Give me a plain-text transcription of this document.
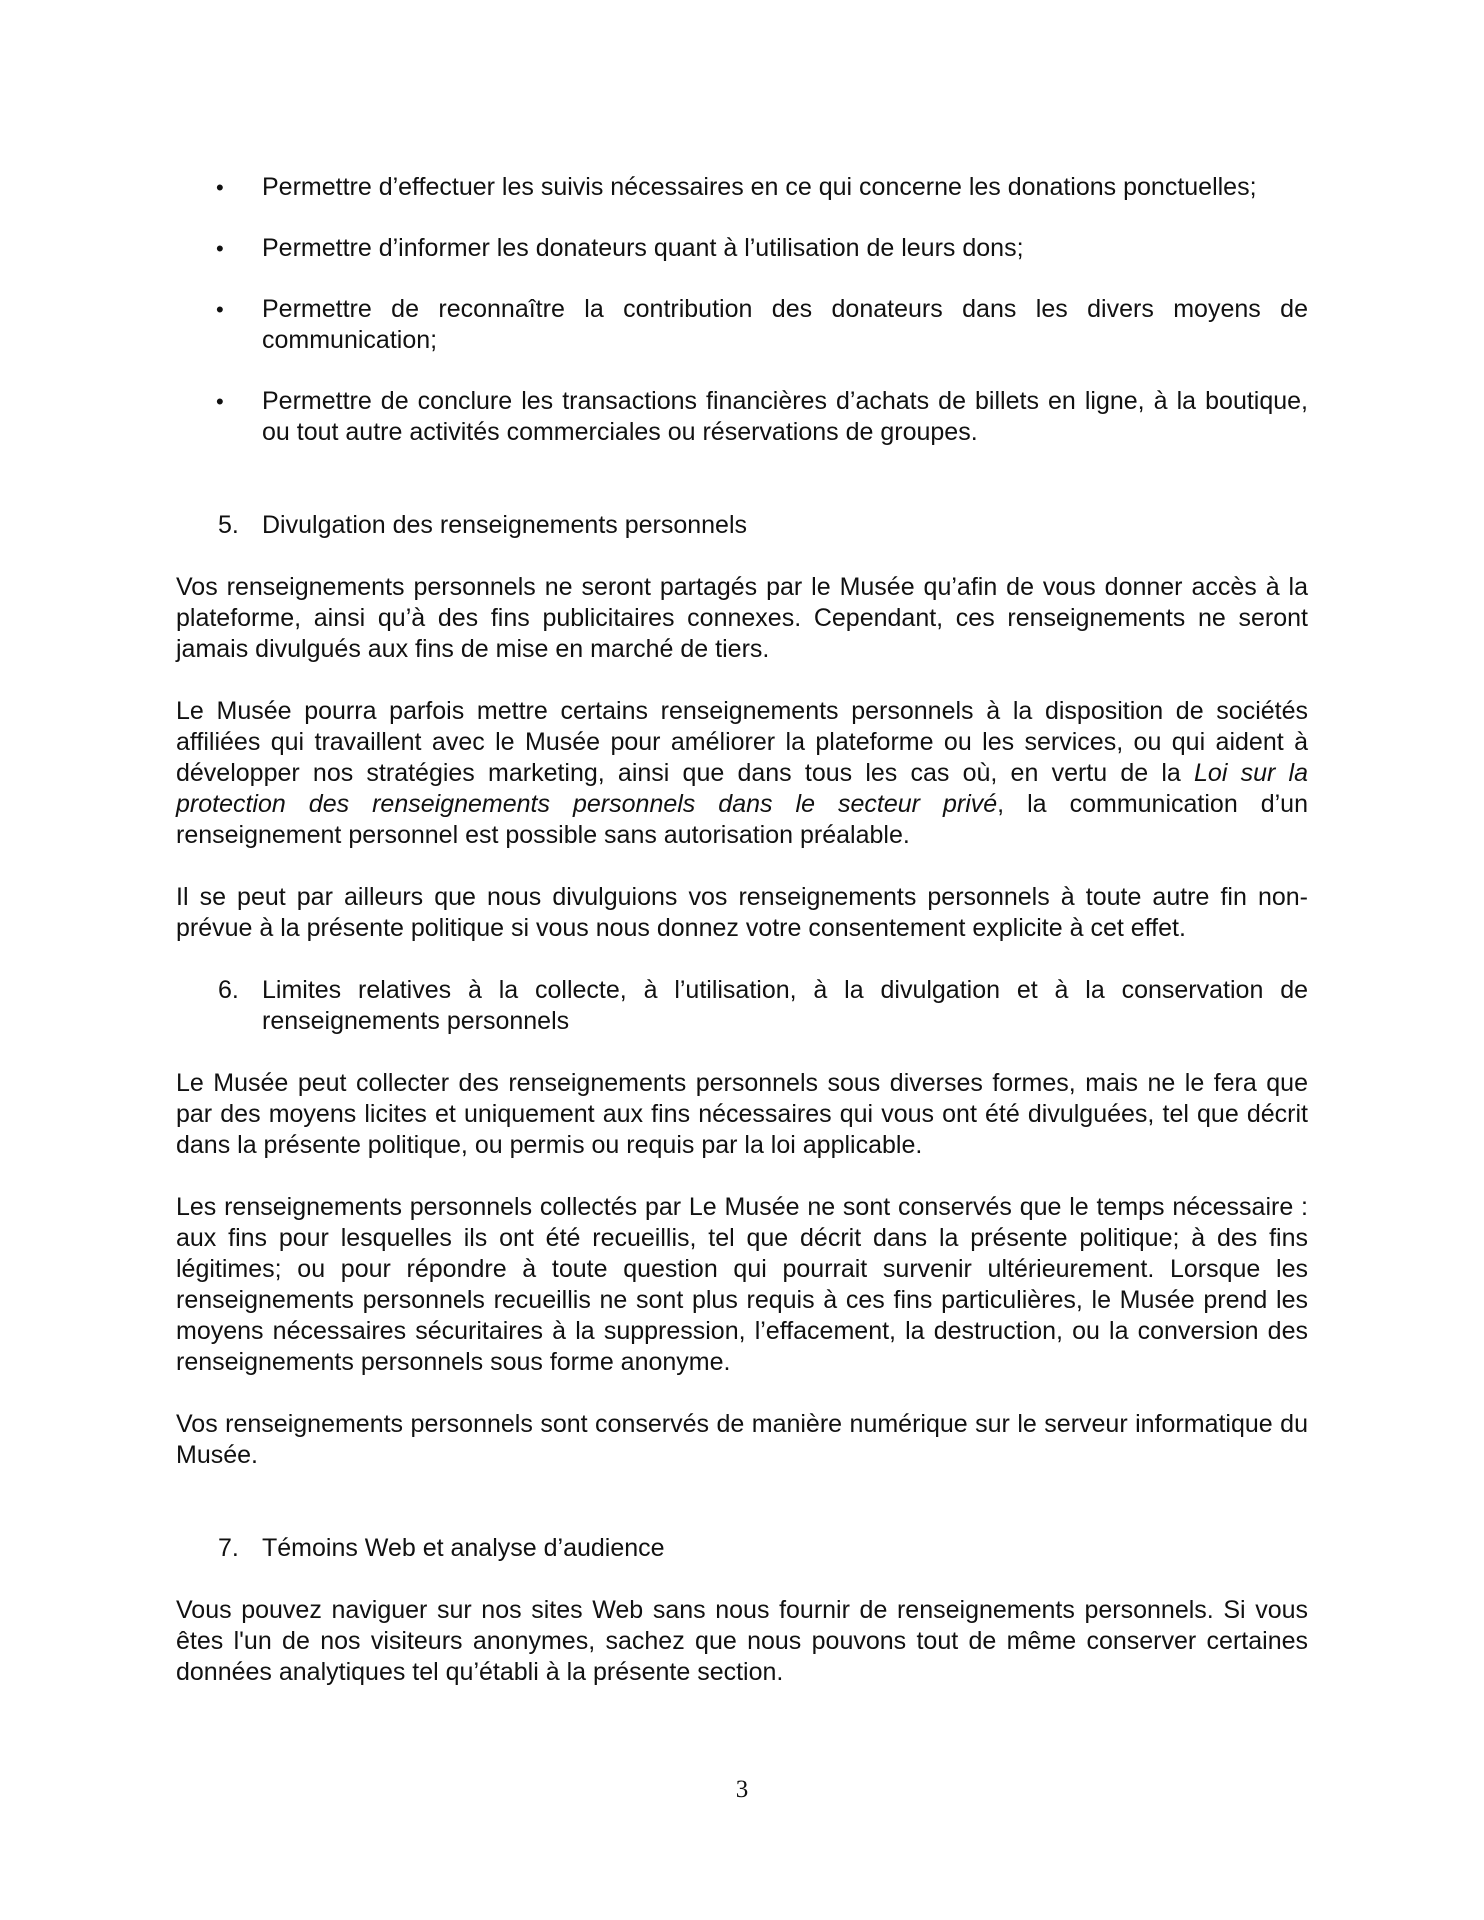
• Permettre d’effectuer les suivis nécessaires en ce qui concerne les donations ponctuelles;
• Permettre d’informer les donateurs quant à l’utilisation de leurs dons;
• Permettre de reconnaître la contribution des donateurs dans les divers moyens de communication;
• Permettre de conclure les transactions financières d’achats de billets en ligne, à la boutique, ou tout autre activités commerciales ou réservations de groupes.
5. Divulgation des renseignements personnels

Vos renseignements personnels ne seront partagés par le Musée qu’afin de vous donner accès à la plateforme, ainsi qu’à des fins publicitaires connexes. Cependant, ces renseignements ne seront jamais divulgués aux fins de mise en marché de tiers.

Le Musée pourra parfois mettre certains renseignements personnels à la disposition de sociétés affiliées qui travaillent avec le Musée pour améliorer la plateforme ou les services, ou qui aident à développer nos stratégies marketing, ainsi que dans tous les cas où, en vertu de la Loi sur la protection des renseignements personnels dans le secteur privé, la communication d’un renseignement personnel est possible sans autorisation préalable.

Il se peut par ailleurs que nous divulguions vos renseignements personnels à toute autre fin non-prévue à la présente politique si vous nous donnez votre consentement explicite à cet effet.

6. Limites relatives à la collecte, à l’utilisation, à la divulgation et à la conservation de renseignements personnels

Le Musée peut collecter des renseignements personnels sous diverses formes, mais ne le fera que par des moyens licites et uniquement aux fins nécessaires qui vous ont été divulguées, tel que décrit dans la présente politique, ou permis ou requis par la loi applicable.

Les renseignements personnels collectés par Le Musée ne sont conservés que le temps nécessaire : aux fins pour lesquelles ils ont été recueillis, tel que décrit dans la présente politique; à des fins légitimes; ou pour répondre à toute question qui pourrait survenir ultérieurement. Lorsque les renseignements personnels recueillis ne sont plus requis à ces fins particulières, le Musée prend les moyens nécessaires sécuritaires à la suppression, l’effacement, la destruction, ou la conversion des renseignements personnels sous forme anonyme.

Vos renseignements personnels sont conservés de manière numérique sur le serveur informatique du Musée.

7. Témoins Web et analyse d’audience

Vous pouvez naviguer sur nos sites Web sans nous fournir de renseignements personnels. Si vous êtes l'un de nos visiteurs anonymes, sachez que nous pouvons tout de même conserver certaines données analytiques tel qu’établi à la présente section.

3
